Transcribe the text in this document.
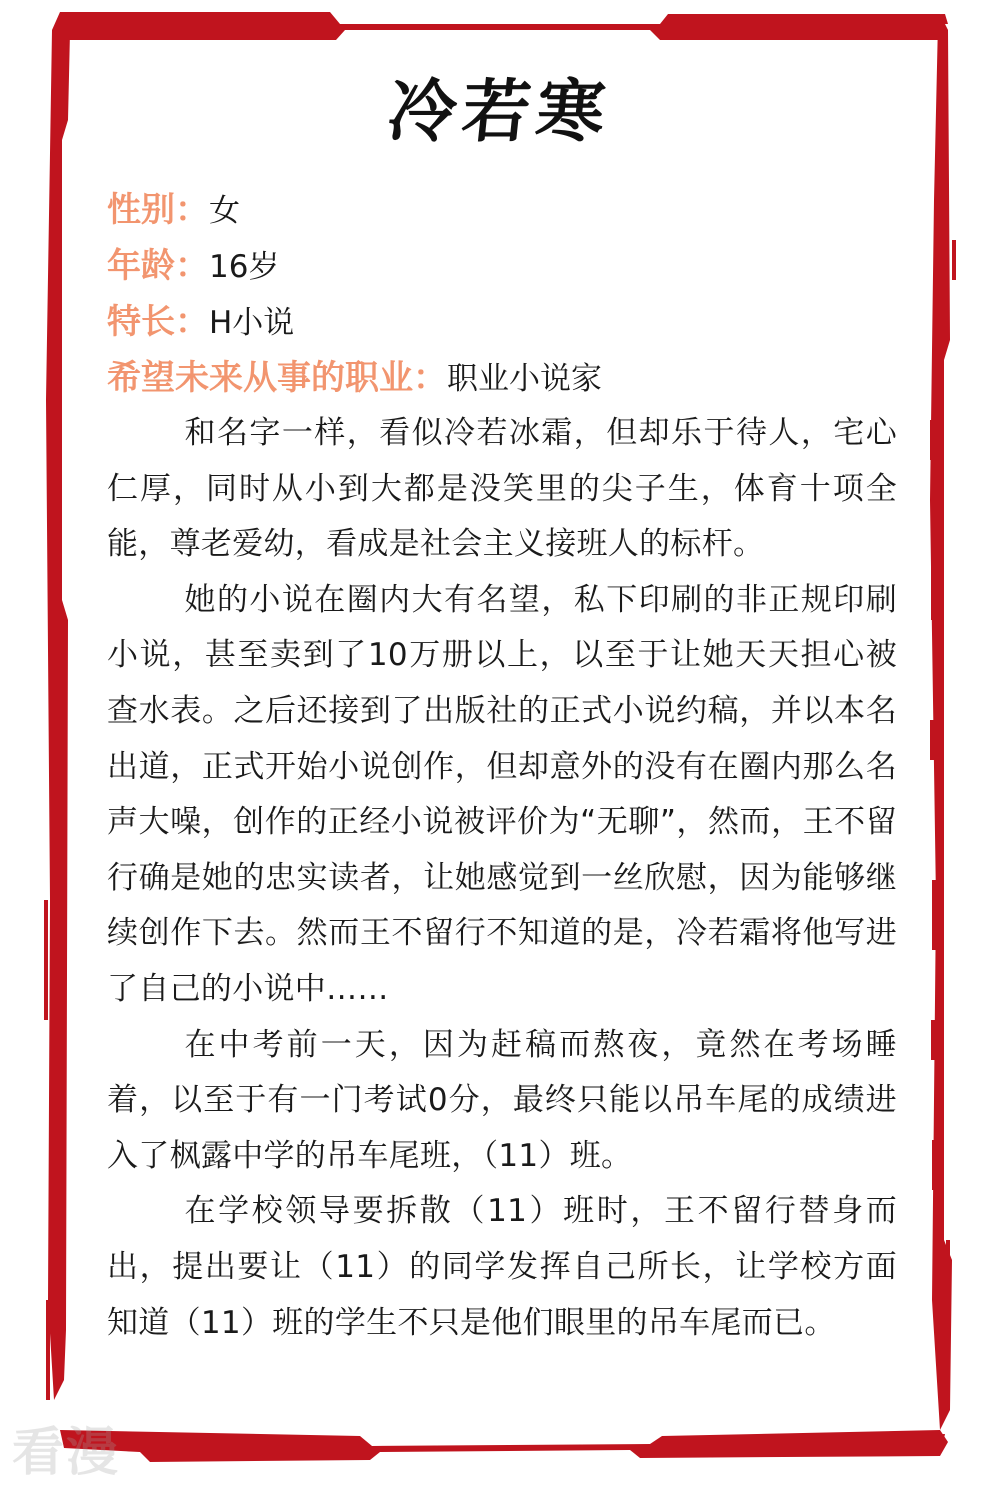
冷若寒
性别：女
年龄：16岁
特长：H小说
希望未来从事的职业：职业小说家

和名字一样，看似冷若冰霜，但却乐于待人，宅心仁厚，同时从小到大都是没笑里的尖子生，体育十项全能，尊老爱幼，看成是社会主义接班人的标杆。

她的小说在圈内大有名望，私下印刷的非正规印刷小说，甚至卖到了10万册以上，以至于让她天天担心被查水表。之后还接到了出版社的正式小说约稿，并以本名出道，正式开始小说创作，但却意外的没有在圈内那么名声大噪，创作的正经小说被评价为“无聊”，然而，王不留行确是她的忠实读者，让她感觉到一丝欣慰，因为能够继续创作下去。然而王不留行不知道的是，冷若霜将他写进了自己的小说中……

在中考前一天，因为赶稿而熬夜，竟然在考场睡着，以至于有一门考试0分，最终只能以吊车尾的成绩进入了枫露中学的吊车尾班，（11）班。

在学校领导要拆散（11）班时，王不留行替身而出，提出要让（11）的同学发挥自己所长，让学校方面知道（11）班的学生不只是他们眼里的吊车尾而已。

看漫
